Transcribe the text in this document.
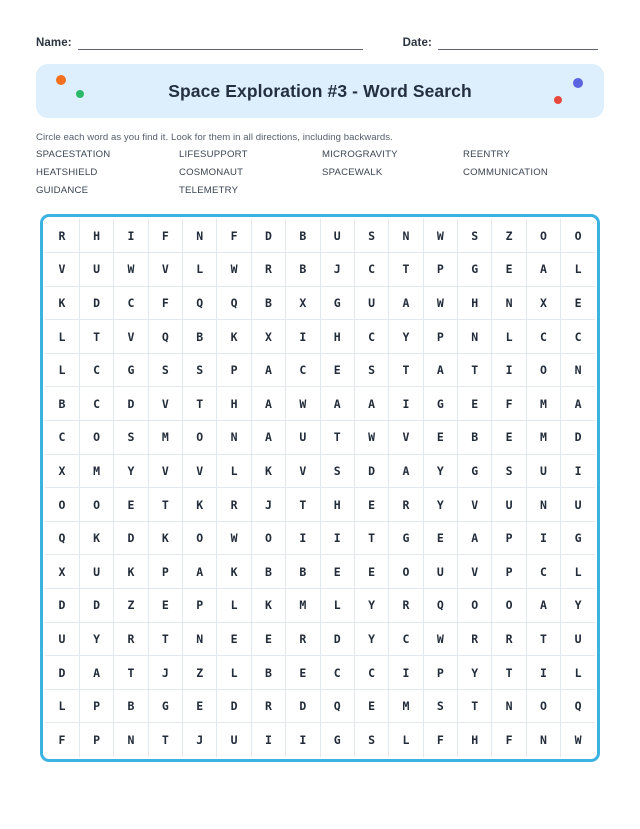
Name:	Date:
Space Exploration #3 - Word Search
Circle each word as you find it. Look for them in all directions, including backwards.
SPACESTATION	LIFESUPPORT	MICROGRAVITY	REENTRY
HEATSHIELD	COSMONAUT	SPACEWALK	COMMUNICATION
GUIDANCE	TELEMETRY
R	H	I	F	N	F	D	B	U	S	N	W	S	Z	O	O
V	U	W	V	L	W	R	B	J	C	T	P	G	E	A	L
K	D	C	F	Q	Q	B	X	G	U	A	W	H	N	X	E
L	T	V	Q	B	K	X	I	H	C	Y	P	N	L	C	C
L	C	G	S	S	P	A	C	E	S	T	A	T	I	O	N
B	C	D	V	T	H	A	W	A	A	I	G	E	F	M	A
C	O	S	M	O	N	A	U	T	W	V	E	B	E	M	D
X	M	Y	V	V	L	K	V	S	D	A	Y	G	S	U	I
O	O	E	T	K	R	J	T	H	E	R	Y	V	U	N	U
Q	K	D	K	O	W	O	I	I	T	G	E	A	P	I	G
X	U	K	P	A	K	B	B	E	E	O	U	V	P	C	L
D	D	Z	E	P	L	K	M	L	Y	R	Q	O	O	A	Y
U	Y	R	T	N	E	E	R	D	Y	C	W	R	R	T	U
D	A	T	J	Z	L	B	E	C	C	I	P	Y	T	I	L
L	P	B	G	E	D	R	D	Q	E	M	S	T	N	O	Q
F	P	N	T	J	U	I	I	G	S	L	F	H	F	N	W
